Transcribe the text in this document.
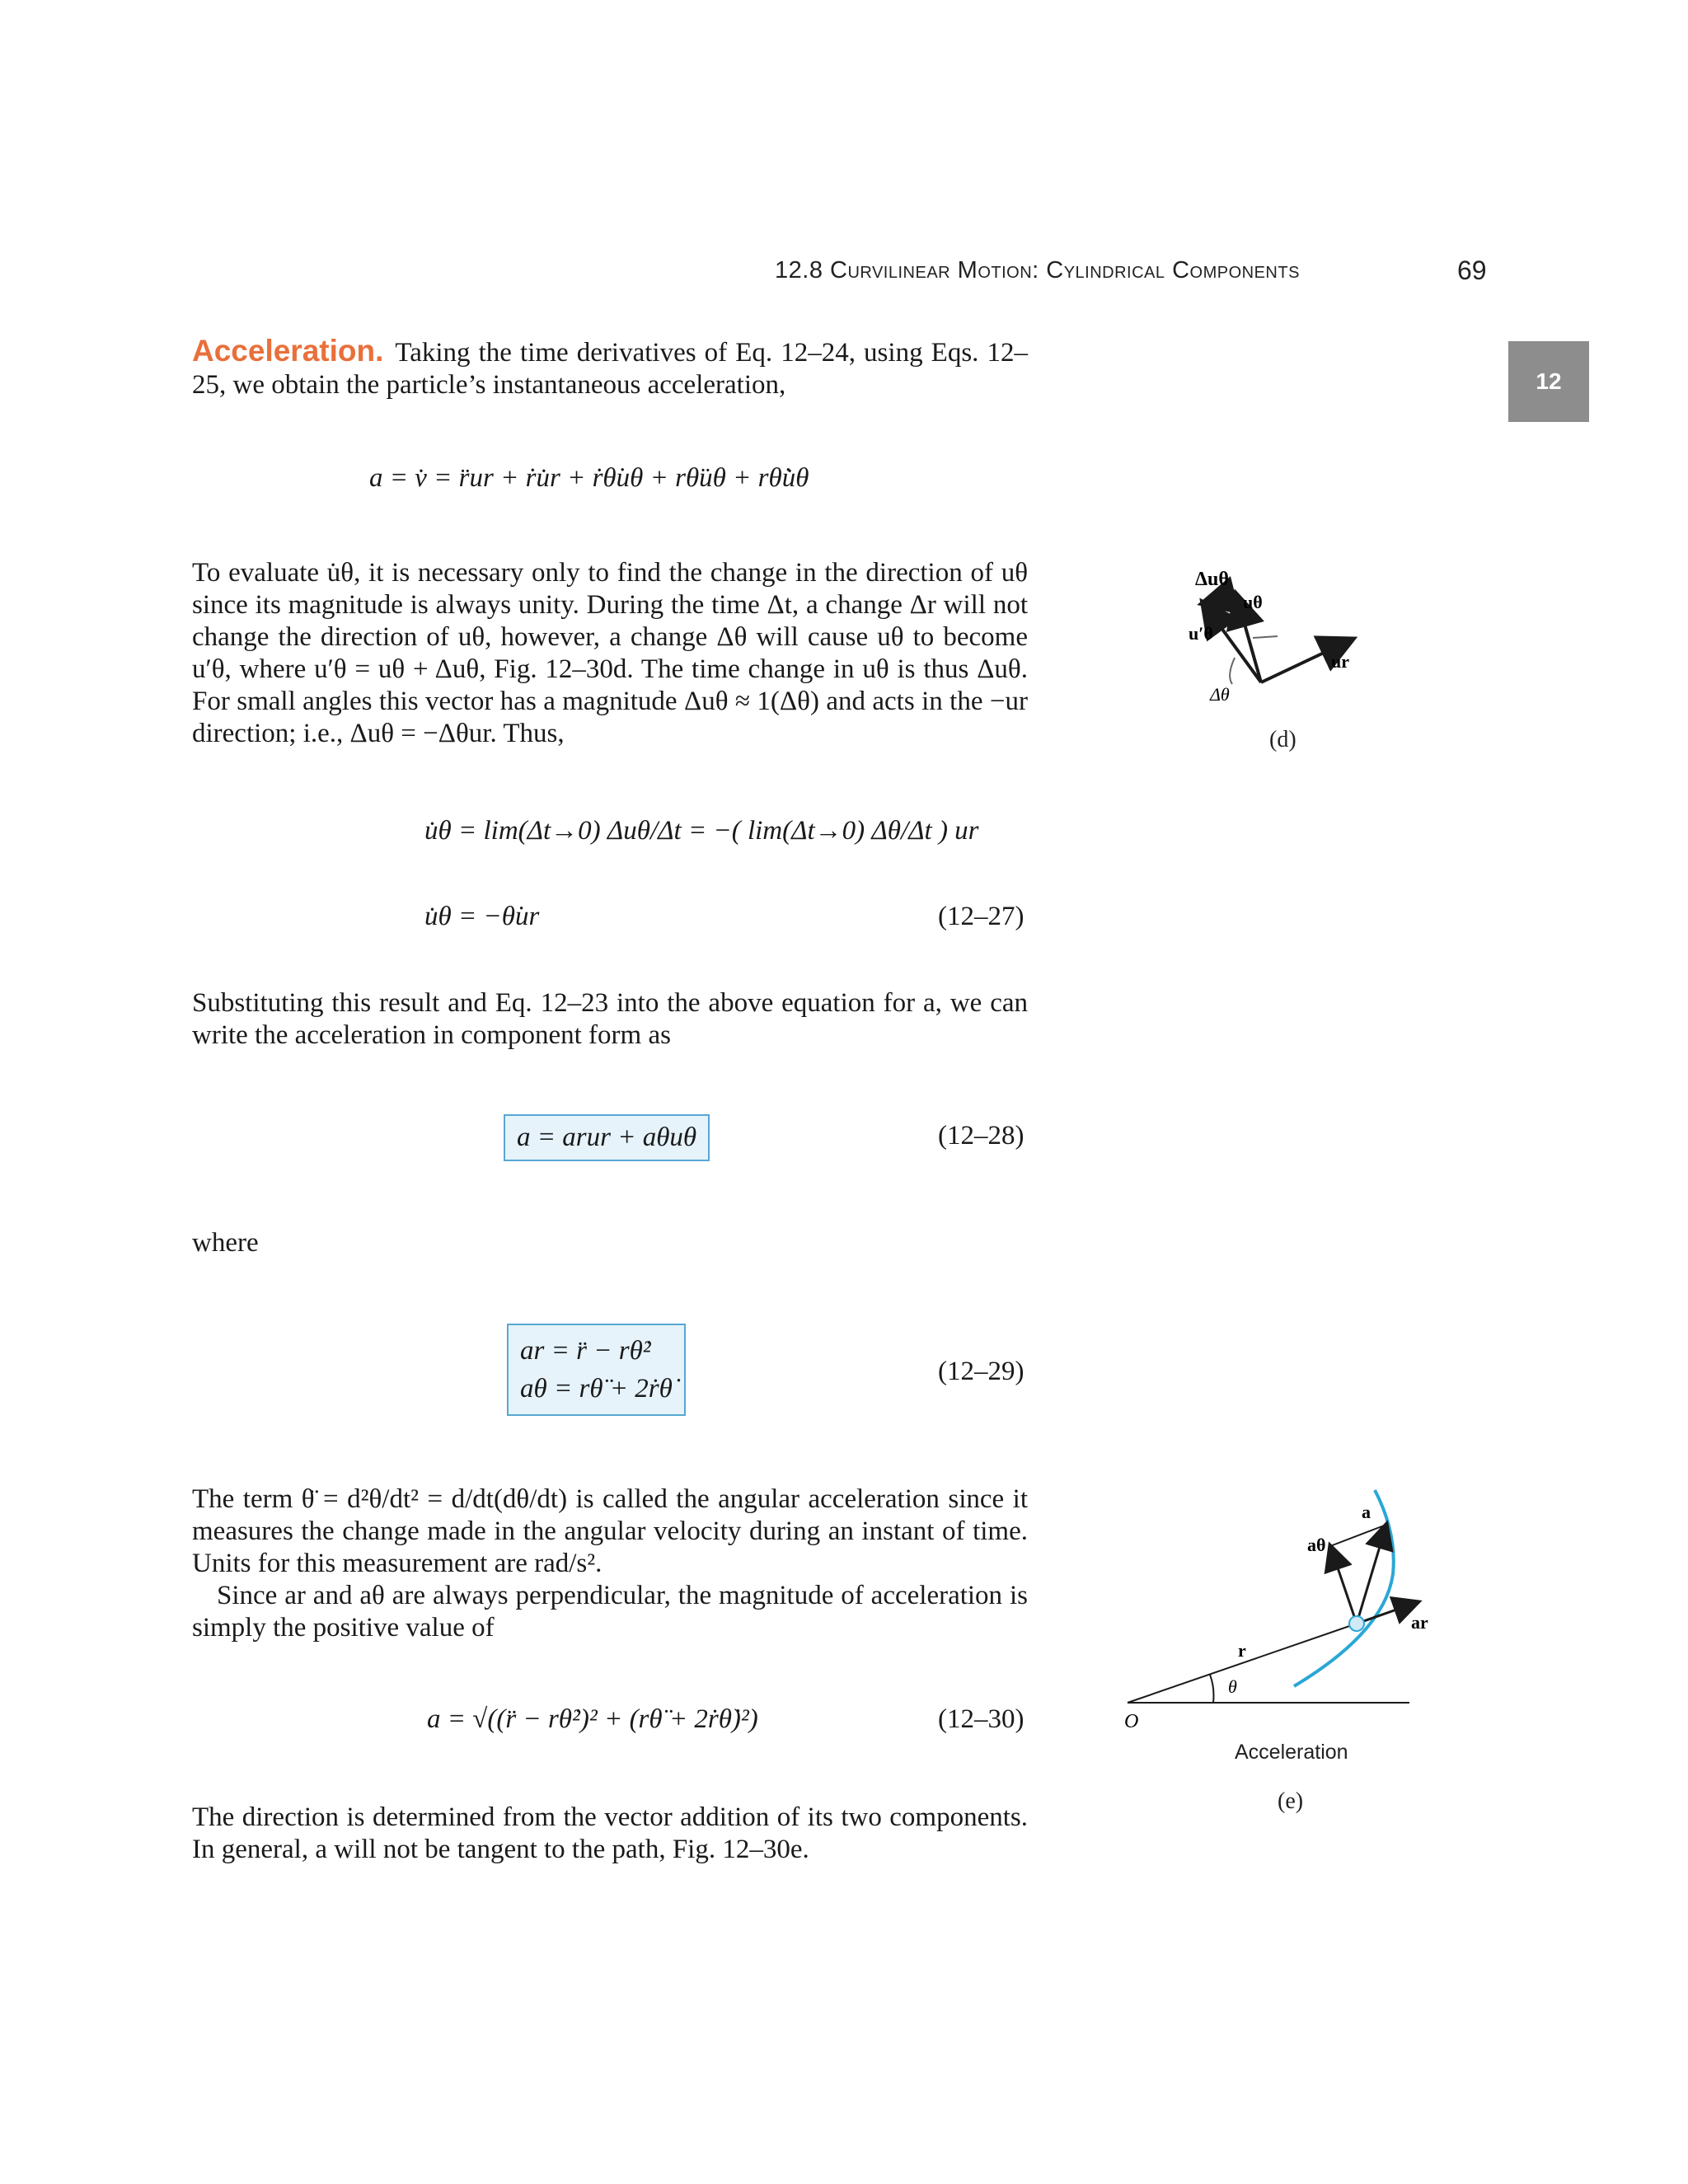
12.8 Curvilinear Motion: Cylindrical Components	69
12

Acceleration. Taking the time derivatives of Eq. 12–24, using Eqs. 12–25, we obtain the particle’s instantaneous acceleration,

a = v̇ = r̈ur + ṙu̇r + ṙθ̇uθ + rθ̈uθ + rθ̇u̇θ

To evaluate u̇θ, it is necessary only to find the change in the direction of uθ since its magnitude is always unity. During the time Δt, a change Δr will not change the direction of uθ, however, a change Δθ will cause uθ to become u′θ, where u′θ = uθ + Δuθ, Fig. 12–30d. The time change in uθ is thus Δuθ. For small angles this vector has a magnitude Δuθ ≈ 1(Δθ) and acts in the −ur direction; i.e., Δuθ = −Δθur. Thus,

u̇θ = lim(Δt→0) Δuθ/Δt = −( lim(Δt→0) Δθ/Δt ) ur
u̇θ = −θ̇ur	(12–27)

Substituting this result and Eq. 12–23 into the above equation for a, we can write the acceleration in component form as

a = arur + aθuθ	(12–28)
where
ar = r̈ − rθ̇²
aθ = rθ̈ + 2ṙθ̇
(12–29)

The term θ̈ = d²θ/dt² = d/dt(dθ/dt) is called the angular acceleration since it measures the change made in the angular velocity during an instant of time. Units for this measurement are rad/s².

Since ar and aθ are always perpendicular, the magnitude of acceleration is simply the positive value of

a = √((r̈ − rθ̇²)² + (rθ̈ + 2ṙθ̇)²)	(12–30)

The direction is determined from the vector addition of its two components. In general, a will not be tangent to the path, Fig. 12–30e.

Δuθ
uθ
u′θ
Δθ
ur
(d)
a
aθ
ar
r
θ
O
Acceleration
(e)
